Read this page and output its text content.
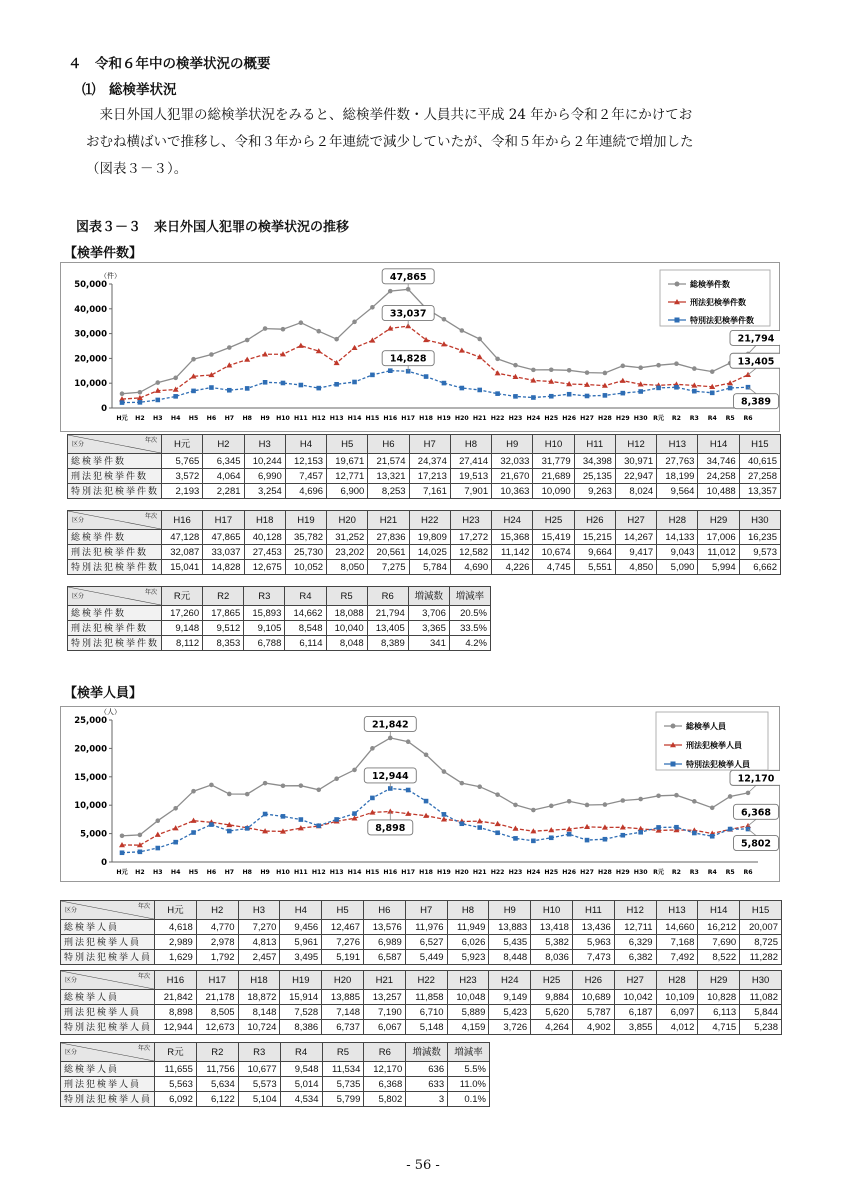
４　令和６年中の検挙状況の概要
⑴　総検挙状況

来日外国人犯罪の総検挙状況をみると、総検挙件数・人員共に平成 24 年から令和２年にかけてお

おむね横ばいで推移し、令和３年から２年連続で減少していたが、令和５年から２年連続で増加した
（図表３－３）。
図表３－３　来日外国人犯罪の検挙状況の推移
【検挙件数】
（件）
0
10,000
20,000
30,000
40,000
50,000
H元 H2 H3 H4 H5 H6 H7 H8 H9 H10 H11 H12 H13 H14 H15 H16 H17 H18 H19 H20 H21 H22 H23 H24 H25 H26 H27 H28 H29 H30 R元 R2 R3 R4 R5 R6
47,865
33,037
14,828
21,794
13,405
8,389
総検挙件数
刑法犯検挙件数
特別法犯検挙件数
年次
区分	H元	H2	H3	H4	H5	H6	H7	H8	H9	H10	H11	H12	H13	H14	H15
総検挙件数	5,765	6,345	10,244	12,153	19,671	21,574	24,374	27,414	32,033	31,779	34,398	30,971	27,763	34,746	40,615
刑法犯検挙件数	3,572	4,064	6,990	7,457	12,771	13,321	17,213	19,513	21,670	21,689	25,135	22,947	18,199	24,258	27,258
特別法犯検挙件数	2,193	2,281	3,254	4,696	6,900	8,253	7,161	7,901	10,363	10,090	9,263	8,024	9,564	10,488	13,357
年次
区分	H16	H17	H18	H19	H20	H21	H22	H23	H24	H25	H26	H27	H28	H29	H30
総検挙件数	47,128	47,865	40,128	35,782	31,252	27,836	19,809	17,272	15,368	15,419	15,215	14,267	14,133	17,006	16,235
刑法犯検挙件数	32,087	33,037	27,453	25,730	23,202	20,561	14,025	12,582	11,142	10,674	9,664	9,417	9,043	11,012	9,573
特別法犯検挙件数	15,041	14,828	12,675	10,052	8,050	7,275	5,784	4,690	4,226	4,745	5,551	4,850	5,090	5,994	6,662
年次
区分	R元	R2	R3	R4	R5	R6	増減数	増減率
総検挙件数	17,260	17,865	15,893	14,662	18,088	21,794	3,706	20.5%
刑法犯検挙件数	9,148	9,512	9,105	8,548	10,040	13,405	3,365	33.5%
特別法犯検挙件数	8,112	8,353	6,788	6,114	8,048	8,389	341	4.2%
【検挙人員】
（人）
0
5,000
10,000
15,000
20,000
25,000
H元 H2 H3 H4 H5 H6 H7 H8 H9 H10 H11 H12 H13 H14 H15 H16 H17 H18 H19 H20 H21 H22 H23 H24 H25 H26 H27 H28 H29 H30 R元 R2 R3 R4 R5 R6
21,842
12,944
8,898
12,170
6,368
5,802
総検挙人員
刑法犯検挙人員
特別法犯検挙人員
年次
区分	H元	H2	H3	H4	H5	H6	H7	H8	H9	H10	H11	H12	H13	H14	H15
総検挙人員	4,618	4,770	7,270	9,456	12,467	13,576	11,976	11,949	13,883	13,418	13,436	12,711	14,660	16,212	20,007
刑法犯検挙人員	2,989	2,978	4,813	5,961	7,276	6,989	6,527	6,026	5,435	5,382	5,963	6,329	7,168	7,690	8,725
特別法犯検挙人員	1,629	1,792	2,457	3,495	5,191	6,587	5,449	5,923	8,448	8,036	7,473	6,382	7,492	8,522	11,282
年次
区分	H16	H17	H18	H19	H20	H21	H22	H23	H24	H25	H26	H27	H28	H29	H30
総検挙人員	21,842	21,178	18,872	15,914	13,885	13,257	11,858	10,048	9,149	9,884	10,689	10,042	10,109	10,828	11,082
刑法犯検挙人員	8,898	8,505	8,148	7,528	7,148	7,190	6,710	5,889	5,423	5,620	5,787	6,187	6,097	6,113	5,844
特別法犯検挙人員	12,944	12,673	10,724	8,386	6,737	6,067	5,148	4,159	3,726	4,264	4,902	3,855	4,012	4,715	5,238
年次
区分	R元	R2	R3	R4	R5	R6	増減数	増減率
総検挙人員	11,655	11,756	10,677	9,548	11,534	12,170	636	5.5%
刑法犯検挙人員	5,563	5,634	5,573	5,014	5,735	6,368	633	11.0%
特別法犯検挙人員	6,092	6,122	5,104	4,534	5,799	5,802	3	0.1%
- 56 -
